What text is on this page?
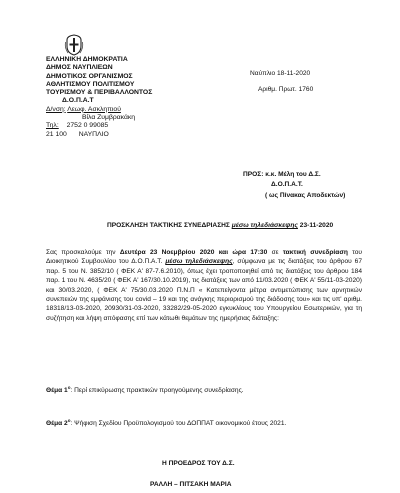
ΕΛΛΗΝΙΚΗ ΔΗΜΟΚΡΑΤΙΑ
ΔΗΜΟΣ ΝΑΥΠΛΙΕΩΝ
ΔΗΜΟΤΙΚΟΣ ΟΡΓΑΝΙΣΜΟΣ
ΑΘΛΗΤΙΣΜΟΥ ΠΟΛΙΤΙΣΜΟΥ
ΤΟΥΡΙΣΜΟΥ & ΠΕΡΙΒΑΛΛΟΝΤΟΣ
Δ.Ο.Π.Α.Τ
Δ/νση: Λεωφ. Ασκληπιού
Βίλα Ζυμβρακάκη
Τηλ: 2752 0 99085
21 100 ΝΑΥΠΛΙΟ
Ναύπλιο 18-11-2020
Αριθμ. Πρωτ. 1760
ΠΡΟΣ: κ.κ. Μέλη του Δ.Σ.
Δ.Ο.Π.Α.Τ.
( ως Πίνακας Αποδεκτών)
ΠΡΟΣΚΛΗΣΗ ΤΑΚΤΙΚΗΣ ΣΥΝΕΔΡΙΑΣΗΣ μέσω τηλεδιάσκεψης 23-11-2020
Σας προσκαλούμε την Δευτέρα 23 Νοεμβρίου 2020 και ώρα 17:30 σε τακτική συνεδρίαση του Διοικητικού Συμβουλίου του Δ.Ο.Π.Α.Τ. μέσω τηλεδιάσκεψης, σύμφωνα με τις διατάξεις του άρθρου 67 παρ. 5 του Ν. 3852/10 ( ΦΕΚ Α' 87-7.6.2010), όπως έχει τροποποιηθεί από τις διατάξεις του άρθρου 184 παρ. 1 του Ν. 4635/20 ( ΦΕΚ Α' 167/30.10.2019), τις διατάξεις των από 11/03.2020 ( ΦΕΚ Α' 55/11-03-2020) και 30/03.2020, ( ΦΕΚ Α' 75/30.03.2020 Π.Ν.Π « Κατεπείγοντα μέτρα αντιμετώπισης των αρνητικών συνεπειών της εμφάνισης του covid – 19 και της ανάγκης περιορισμού της διάδοσης του» και τις υπ' αριθμ. 18318/13-03-2020, 20930/31-03-2020, 33282/29-05-2020 εγκυκλίους του Υπουργείου Εσωτερικών, για τη συζήτηση και λήψη απόφασης επί των κάτωθι θεμάτων της ημερήσιας διάταξης:
Θέμα $1^o$: Περί επικύρωσης πρακτικών προηγούμενης συνεδρίασης.
Θέμα $2^o$: Ψήφιση Σχεδίου Προϋπολογισμού του ΔΟΠΠΑΤ οικονομικού έτους 2021.
Η ΠΡΟΕΔΡΟΣ ΤΟΥ Δ.Σ.
ΡΑΛΛΗ – ΠΙΤΣΑΚΗ ΜΑΡΙΑ
